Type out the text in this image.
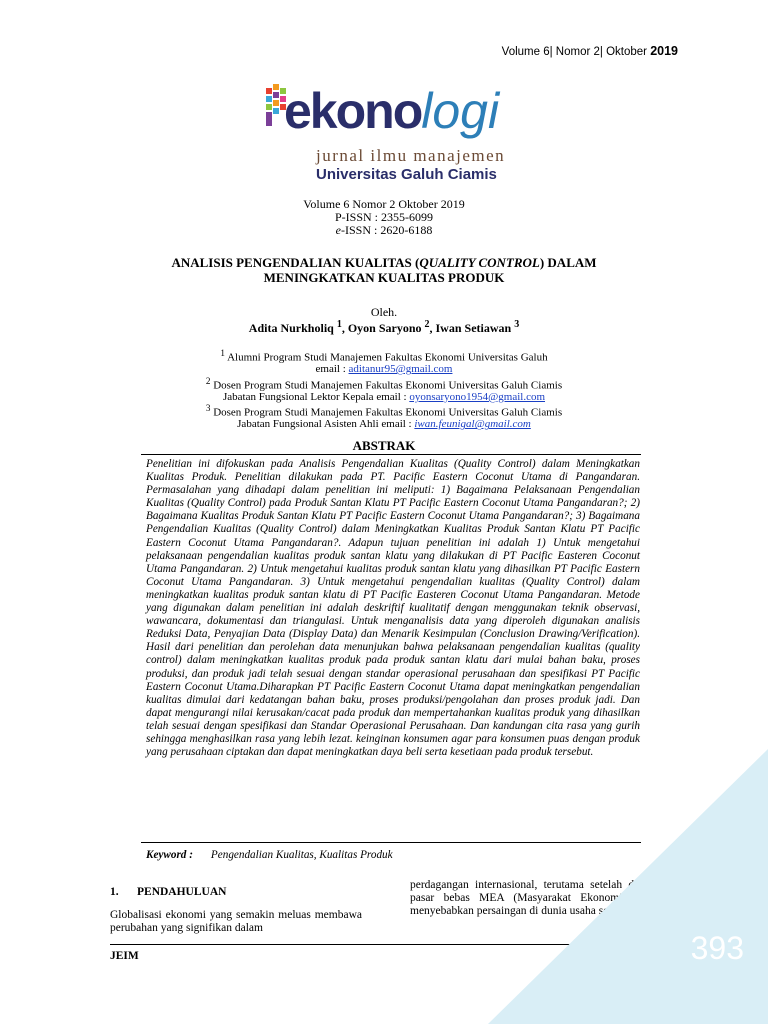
Volume 6| Nomor 2| Oktober 2019
ekonologi
jurnal ilmu manajemen
Universitas Galuh Ciamis
Volume 6 Nomor 2 Oktober 2019
P-ISSN : 2355-6099
e-ISSN : 2620-6188
ANALISIS PENGENDALIAN KUALITAS (QUALITY CONTROL) DALAM
MENINGKATKAN KUALITAS PRODUK
Oleh.
Adita Nurkholiq $^1$, Oyon Saryono $^2$, Iwan Setiawan $^3$
$^1$ Alumni Program Studi Manajemen Fakultas Ekonomi Universitas Galuh
email : aditanur95@gmail.com
$^2$ Dosen Program Studi Manajemen Fakultas Ekonomi Universitas Galuh Ciamis
Jabatan Fungsional Lektor Kepala email : oyonsaryono1954@gmail.com
$^3$ Dosen Program Studi Manajemen Fakultas Ekonomi Universitas Galuh Ciamis
Jabatan Fungsional Asisten Ahli email : iwan.feunigal@gmail.com
ABSTRAK
Penelitian ini difokuskan pada Analisis Pengendalian Kualitas (Quality Control) dalam Meningkatkan Kualitas Produk. Penelitian dilakukan pada PT. Pacific Eastern Coconut Utama di Pangandaran. Permasalahan yang dihadapi dalam penelitian ini meliputi: 1) Bagaimana Pelaksanaan Pengendalian Kualitas (Quality Control) pada Produk Santan Klatu PT Pacific Eastern Coconut Utama Pangandaran?; 2) Bagaimana Kualitas Produk Santan Klatu PT Pacific Eastern Coconut Utama Pangandaran?; 3) Bagaimana Pengendalian Kualitas (Quality Control) dalam Meningkatkan Kualitas Produk Santan Klatu PT Pacific Eastern Coconut Utama Pangandaran?. Adapun tujuan penelitian ini adalah 1) Untuk mengetahui pelaksanaan pengendalian kualitas produk santan klatu yang dilakukan di PT Pacific Easteren Coconut Utama Pangandaran. 2) Untuk mengetahui kualitas produk santan klatu yang dihasilkan PT Pacific Eastern Coconut Utama Pangandaran. 3) Untuk mengetahui pengendalian kualitas (Quality Control) dalam meningkatkan kualitas produk santan klatu di PT Pacific Easteren Coconut Utama Pangandaran. Metode yang digunakan dalam penelitian ini adalah deskriftif kualitatif dengan menggunakan teknik observasi, wawancara, dokumentasi dan triangulasi. Untuk menganalisis data yang diperoleh digunakan analisis Reduksi Data, Penyajian Data (Display Data) dan Menarik Kesimpulan (Conclusion Drawing/Verification). Hasil dari penelitian dan perolehan data menunjukan bahwa pelaksanaan pengendalian kualitas (quality control) dalam meningkatkan kualitas produk pada produk santan klatu dari mulai bahan baku, proses produksi, dan produk jadi telah sesuai dengan standar operasional perusahaan dan spesifikasi PT Pacific Eastern Coconut Utama.Diharapkan PT Pacific Eastern Coconut Utama dapat meningkatkan pengendalian kualitas dimulai dari kedatangan bahan baku, proses produksi/pengolahan dan proses produk jadi. Dan dapat mengurangi nilai kerusakan/cacat pada produk dan mempertahankan kualitas produk yang dihasilkan telah sesuai dengan spesifikasi dan Standar Operasional Perusahaan. Dan kandungan cita rasa yang gurih sehingga menghasilkan rasa yang lebih lezat. keinginan konsumen agar para konsumen puas dengan produk yang perusahaan ciptakan dan dapat meningkatkan daya beli serta kesetiaan pada produk tersebut.
Keyword : Pengendalian Kualitas, Kualitas Produk
1. PENDAHULUAN
Globalisasi ekonomi yang semakin meluas membawa perubahan yang signifikan dalam
perdagangan internasional, terutama setelah diberlakukannya pasar bebas MEA (Masyarakat Ekonomi ASEAN) yang menyebabkan persaingan di dunia usaha semakin ketat dengan
JEIM	393
